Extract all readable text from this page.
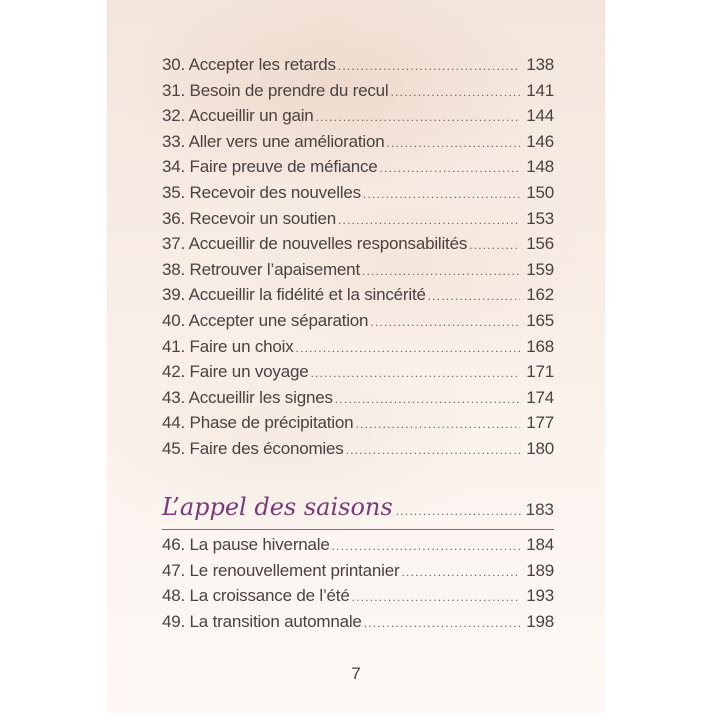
30. Accepter les retards .....	138
31. Besoin de prendre du recul .....	141
32. Accueillir un gain .....	144
33. Aller vers une amélioration .....	146
34. Faire preuve de méfiance .....	148
35. Recevoir des nouvelles .....	150
36. Recevoir un soutien .....	153
37. Accueillir de nouvelles responsabilités .....	156
38. Retrouver l’apaisement .....	159
39. Accueillir la fidélité et la sincérité .....	162
40. Accepter une séparation .....	165
41. Faire un choix .....	168
42. Faire un voyage .....	171
43. Accueillir les signes .....	174
44. Phase de précipitation .....	177
45. Faire des économies .....	180
L’appel des saisons .....	183
46. La pause hivernale .....	184
47. Le renouvellement printanier .....	189
48. La croissance de l’été .....	193
49. La transition automnale .....	198
7
